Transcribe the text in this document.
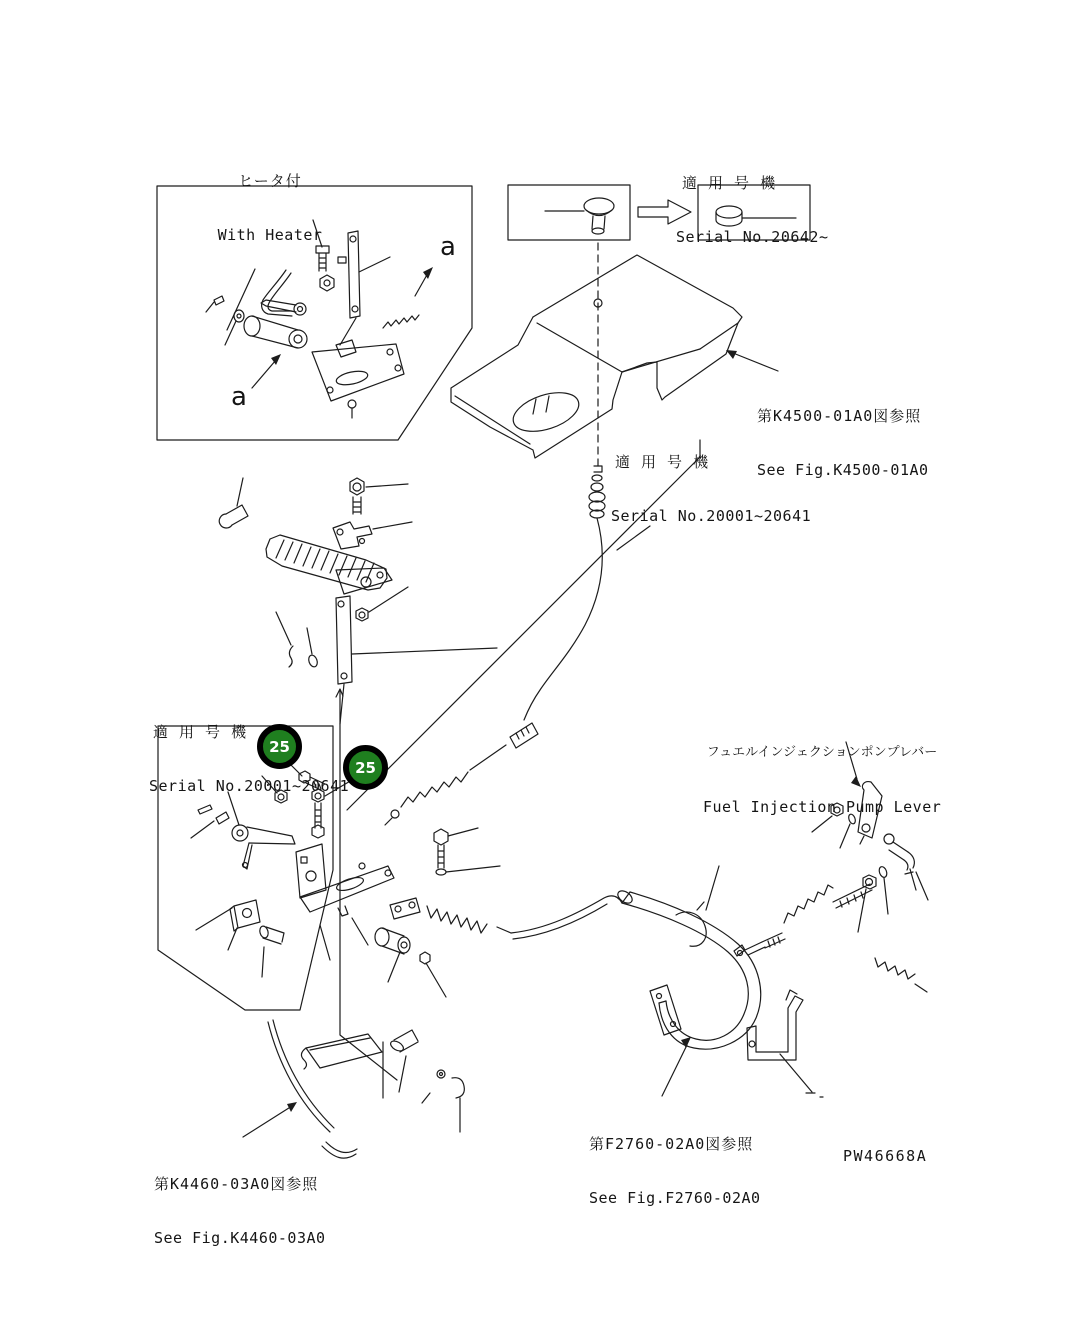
ヒータ付

With Heater

適 用 号 機

Serial No.20642~

第K4500-01A0図参照

See Fig.K4500-01A0

適 用 号 機

Serial No.20001~20641

適 用 号 機

Serial No.20001~20641

フュエルインジェクションポンプレバー

Fuel Injection Pump Lever

第K4460-03A0図参照

See Fig.K4460-03A0

第F2760-02A0図参照

See Fig.F2760-02A0

PW46668A
a
a
25
25
